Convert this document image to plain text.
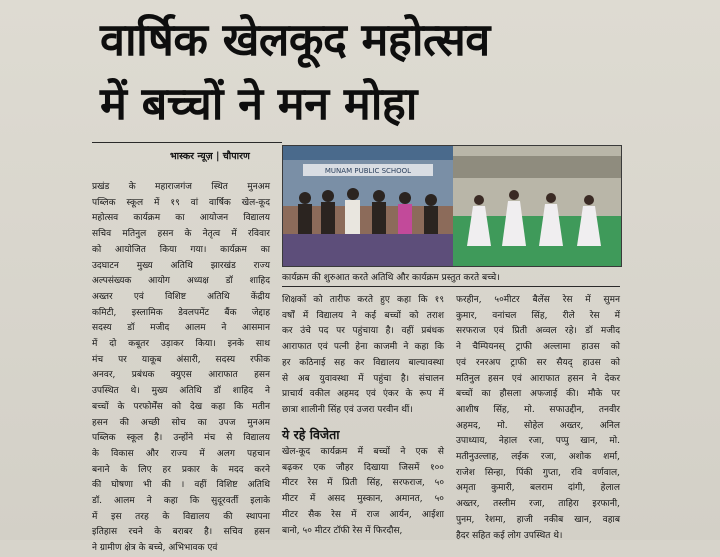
वार्षिक खेलकूद महोत्सव
में बच्चों ने मन मोहा
भास्कर न्यूज़ | चौपारण

प्रखंड के महाराजगंज स्थित मुनअम

पब्लिक स्कूल में १९ वां वार्षिक खेल-कूद

महोत्सव कार्यक्रम का आयोजन विद्यालय

सचिव मतिनुल हसन के नेतृत्व में रविवार

को आयोजित किया गया। कार्यक्रम का

उदघाटन मुख्य अतिथि झारखंड राज्य

अल्पसंख्यक आयोग अध्यक्ष डॉ शाहिद

अख्तर एवं विशिष्ट अतिथि केंद्रीय

कमिटी, इस्लामिक डेवलपमेंट बैंक जेद्दाह

सदस्य डॉ मजीद आलम ने आसमान

में दो कबूतर उड़ाकर किया। इनके साथ

मंच पर याकूब अंसारी, सदस्य रफीक

अनवर, प्रबंधक क्युएस आराफात हसन

उपस्थित थे। मुख्य अतिथि डॉ शाहिद ने

बच्चों के परफोर्मेंस को देख कहा कि मतीन

हसन की अच्छी सोच का उपज मुनअम

पब्लिक स्कूल है। उन्होंने मंच से विद्यालय

के विकास और राज्य में अलग पहचान

बनाने के लिए हर प्रकार के मदद करने

की घोषणा भी की । वहीं विशिष्ट अतिथि

डॉ. आलम ने कहा कि सुदूरवर्ती इलाके

में इस तरह के विद्यालय की स्थापना

इतिहास रचने के बराबर है। सचिव हसन

ने ग्रामीण क्षेत्र के बच्चे, अभिभावक एवं

MUNAM PUBLIC SCHOOL
कार्यक्रम की शुरुआत करते अतिथि और कार्यक्रम प्रस्तुत करते बच्चे।

शिक्षकों को तारीफ करते हुए कहा कि १९

वर्षों में विद्यालय ने कई बच्चों को तराश

कर उंचे पद पर पहुंचाया है। वहीं प्रबंधक

आराफात एवं पत्नी हेना काजमी ने कहा कि

हर कठिनाई सह कर विद्यालय बाल्यावस्था

से अब युवावस्था में पहुंचा है। संचालन

प्राचार्य वकील अहमद एवं एंकर के रूप में

छात्रा शालीनी सिंह एवं उजरा परवीन थीं।

ये रहे विजेता

खेल-कूद कार्यक्रम में बच्चों ने एक से

बढ़कर एक जौहर दिखाया जिसमें १००

मीटर रेस में प्रिती सिंह, सरफराज, ५०

मीटर में असद मुस्कान, अमानत, ५०

मीटर सैक रेस में राज आर्यन, आईशा

बानो, ५० मीटर टॉफी रेस में फिरदौस,

फरहीन, ५०मीटर बैलेंस रेस में सुमन

कुमार, वनांचल सिंह, रीले रेस में

सरफराज एवं प्रिती अव्वल रहे। डॉ मजीद

ने चैम्पियनस् ट्राफी अल्लामा हाउस को

एवं रनरअप ट्राफी सर सैयद् हाउस को

मतिनुल हसन एवं आराफात हसन ने देकर

बच्चों का हौसला अफजाई की। मौके पर

आशीष सिंह, मो. सफाउद्दीन, तनवीर

अहमद, मो. सोहेल अख्तर, अनिल

उपाध्याय, नेहाल रजा, पप्पु खान, मो.

मतीनुउल्लाह, लईक रजा, अशोक शर्मा,

राजेश सिन्हा, पिंकी गुप्ता, रवि वर्णवाल,

अमृता कुमारी, बलराम दांगी, हेलाल

अख्तर, तस्लीम रजा, ताहिरा इरफानी,

पुनम, रेशमा, हाजी नकीब खान, वहाब

हैदर सहित कई लोग उपस्थित थे।
